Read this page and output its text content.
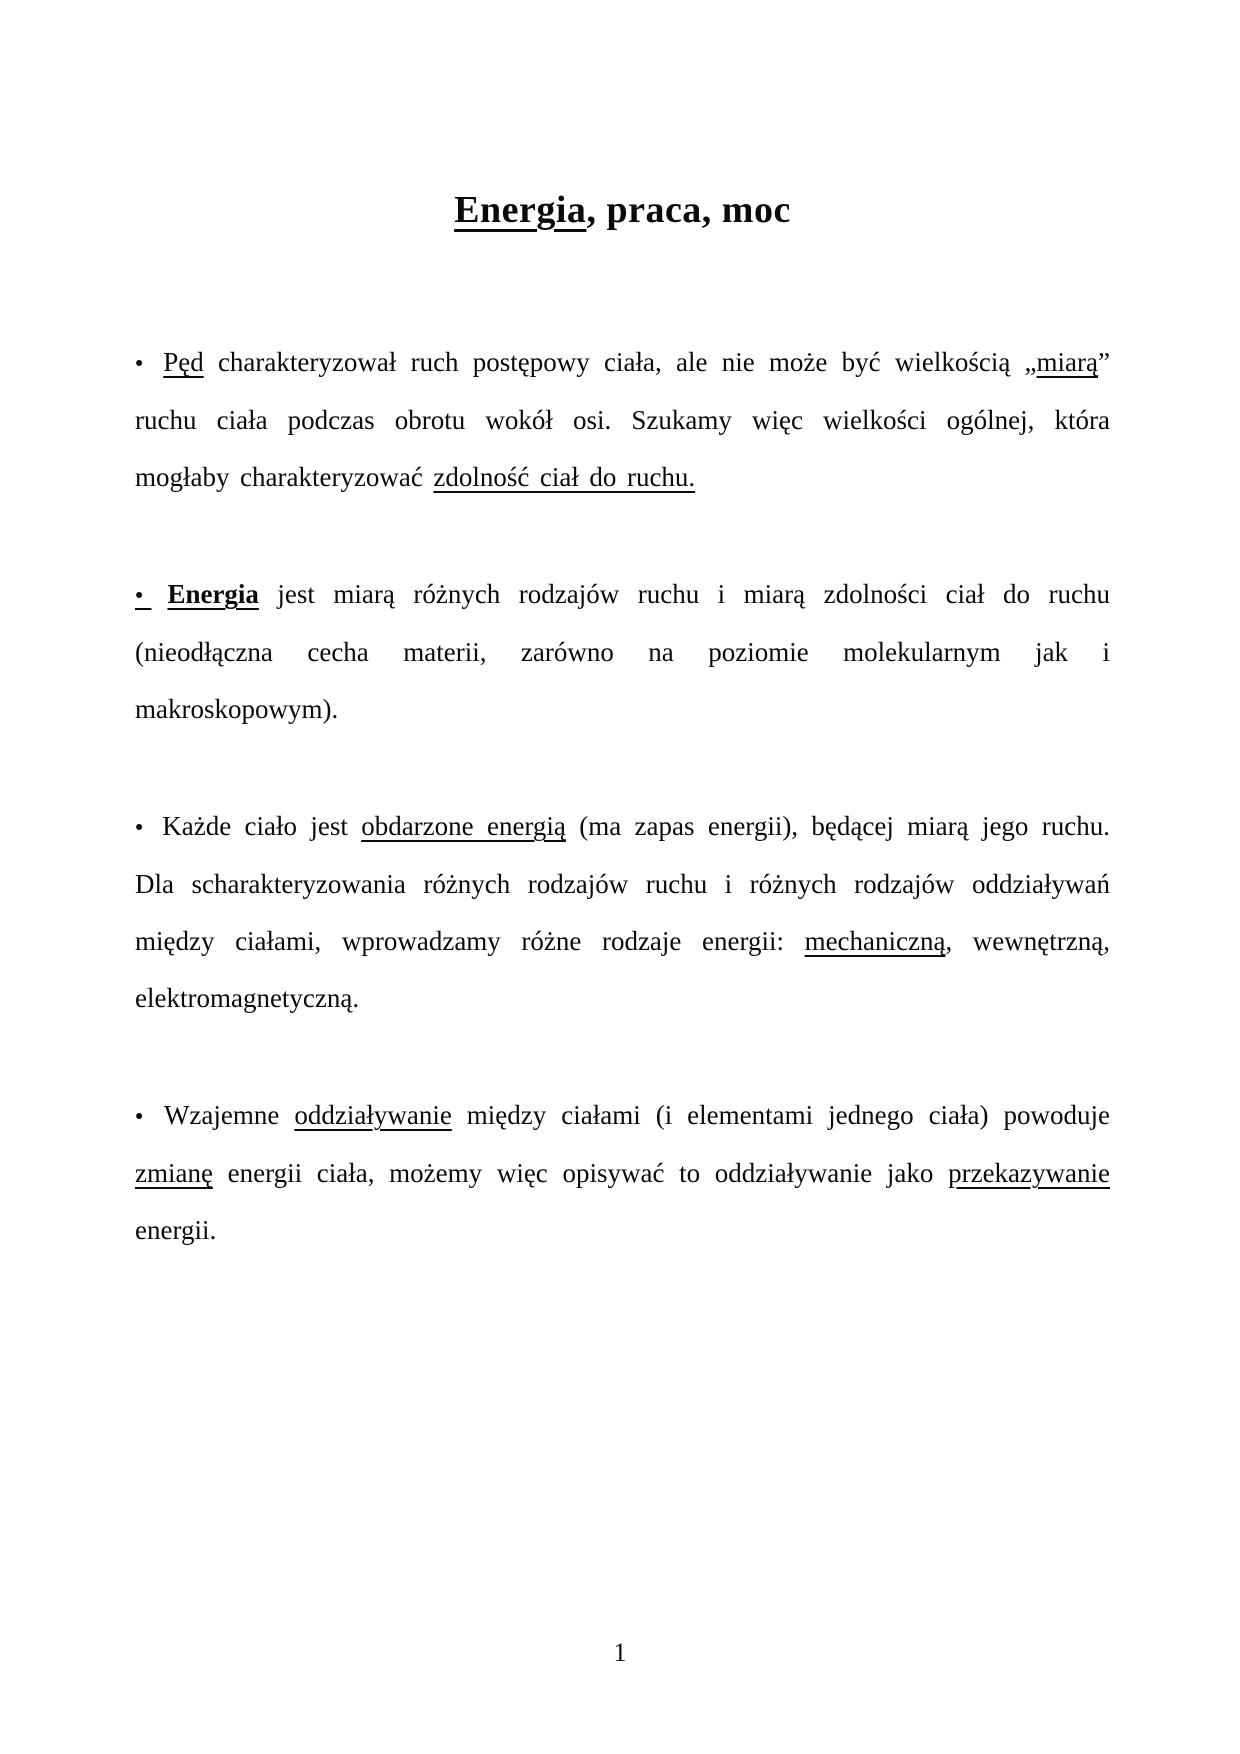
Energia, praca, moc

● Pęd charakteryzował ruch postępowy ciała, ale nie może być wielkością „miarą” ruchu ciała podczas obrotu wokół osi. Szukamy więc wielkości ogólnej, która mogłaby charakteryzować zdolność ciał do ruchu.

● Energia jest miarą różnych rodzajów ruchu i miarą zdolności ciał do ruchu (nieodłączna cecha materii, zarówno na poziomie molekularnym jak i makroskopowym).

● Każde ciało jest obdarzone energią (ma zapas energii), będącej miarą jego ruchu. Dla scharakteryzowania różnych rodzajów ruchu i różnych rodzajów oddziaływań między ciałami, wprowadzamy różne rodzaje energii: mechaniczną, wewnętrzną, elektromagnetyczną.

● Wzajemne oddziaływanie między ciałami (i elementami jednego ciała) powoduje zmianę energii ciała, możemy więc opisywać to oddziaływanie jako przekazywanie energii.

1
